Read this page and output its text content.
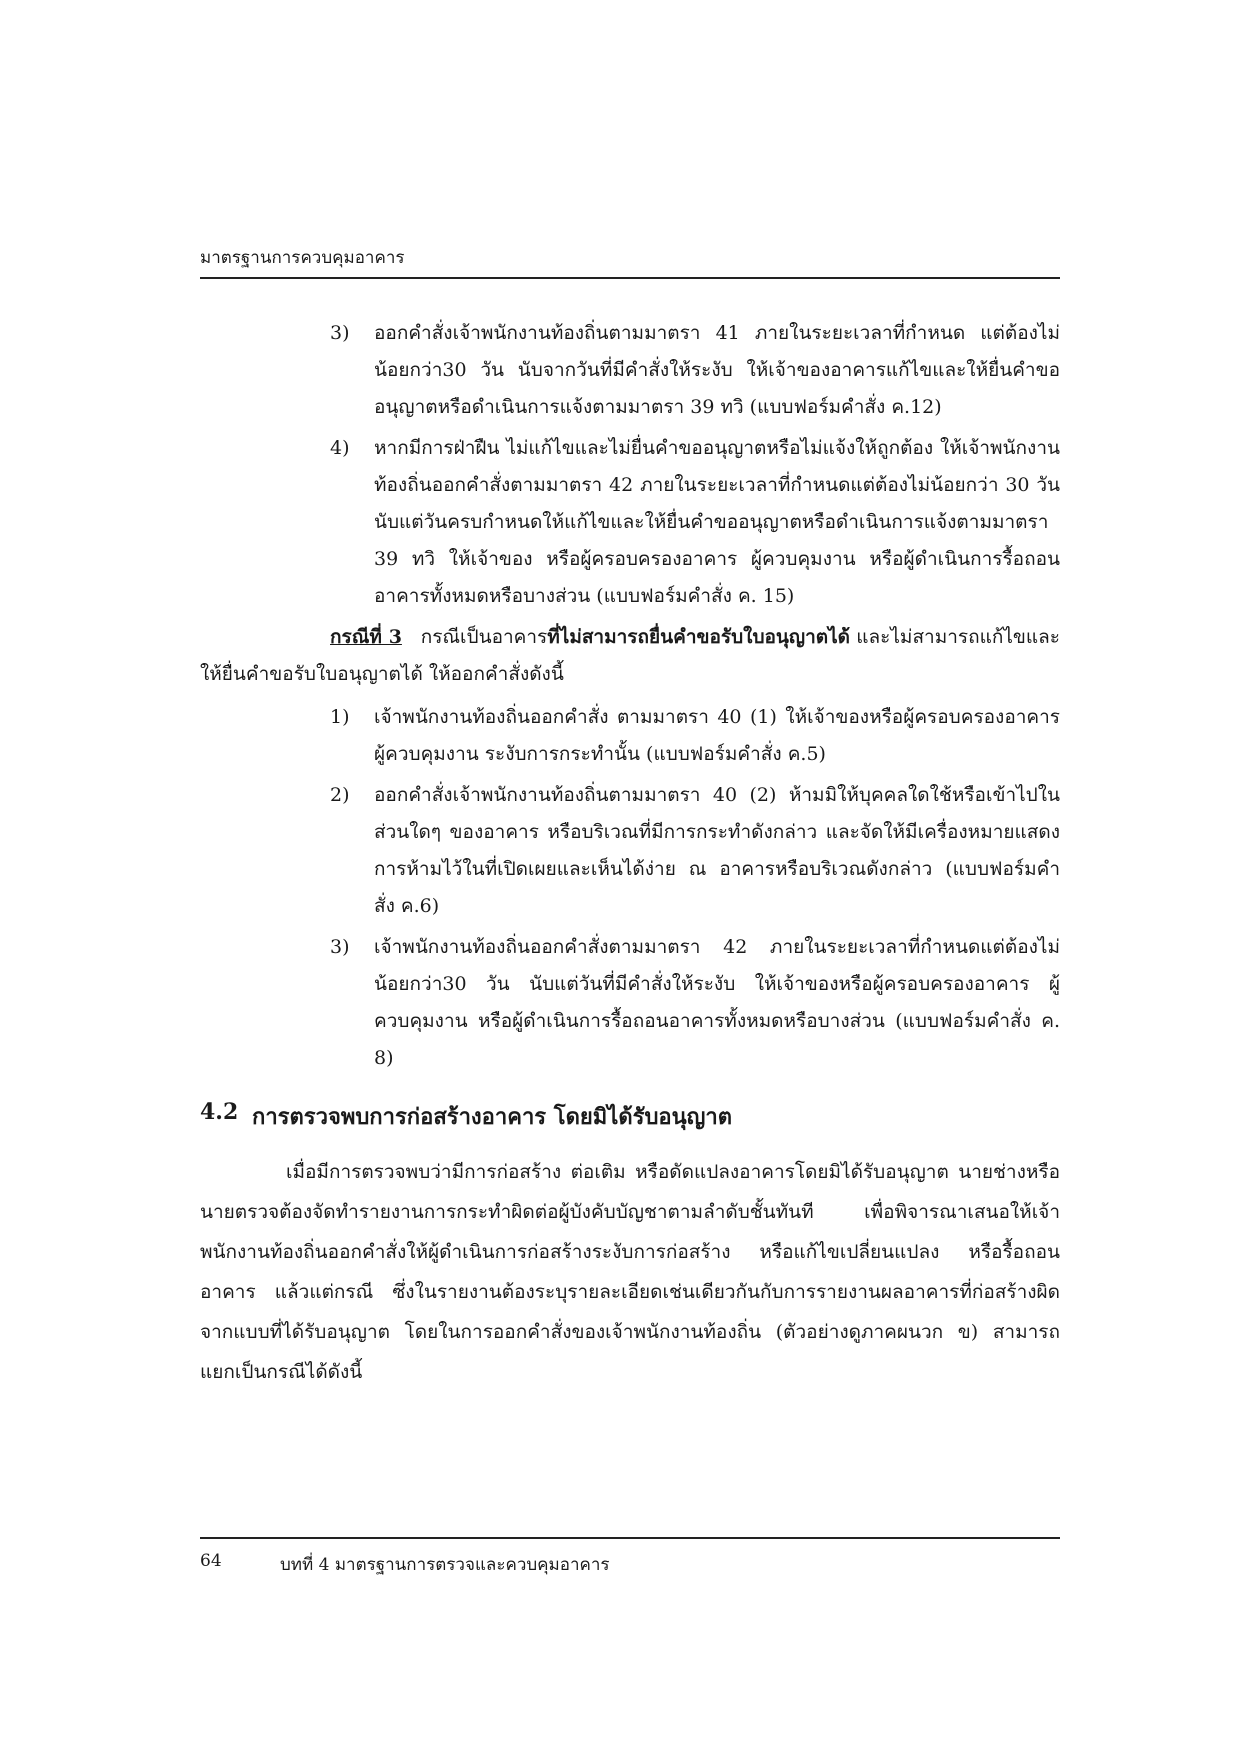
มาตรฐานการควบคุมอาคาร
3)	ออกคำสั่งเจ้าพนักงานท้องถิ่นตามมาตรา 41 ภายในระยะเวลาที่กำหนด แต่ต้องไม่น้อยกว่า30 วัน นับจากวันที่มีคำสั่งให้ระงับ ให้เจ้าของอาคารแก้ไขและให้ยื่นคำขออนุญาตหรือดำเนินการแจ้งตามมาตรา 39 ทวิ (แบบฟอร์มคำสั่ง ค.12)
4)	หากมีการฝ่าฝืน ไม่แก้ไขและไม่ยื่นคำขออนุญาตหรือไม่แจ้งให้ถูกต้อง ให้เจ้าพนักงานท้องถิ่นออกคำสั่งตามมาตรา 42 ภายในระยะเวลาที่กำหนดแต่ต้องไม่น้อยกว่า 30 วัน นับแต่วันครบกำหนดให้แก้ไขและให้ยื่นคำขออนุญาตหรือดำเนินการแจ้งตามมาตรา 39 ทวิ ให้เจ้าของ หรือผู้ครอบครองอาคาร ผู้ควบคุมงาน หรือผู้ดำเนินการรื้อถอนอาคารทั้งหมดหรือบางส่วน (แบบฟอร์มคำสั่ง ค. 15)

กรณีที่ 3 กรณีเป็นอาคารที่ไม่สามารถยื่นคำขอรับใบอนุญาตได้ และไม่สามารถแก้ไขและให้ยื่นคำขอรับใบอนุญาตได้ ให้ออกคำสั่งดังนี้

1)	เจ้าพนักงานท้องถิ่นออกคำสั่ง ตามมาตรา 40 (1) ให้เจ้าของหรือผู้ครอบครองอาคาร ผู้ควบคุมงาน ระงับการกระทำนั้น (แบบฟอร์มคำสั่ง ค.5)
2)	ออกคำสั่งเจ้าพนักงานท้องถิ่นตามมาตรา 40 (2) ห้ามมิให้บุคคลใดใช้หรือเข้าไปในส่วนใดๆ ของอาคาร หรือบริเวณที่มีการกระทำดังกล่าว และจัดให้มีเครื่องหมายแสดงการห้ามไว้ในที่เปิดเผยและเห็นได้ง่าย ณ อาคารหรือบริเวณดังกล่าว (แบบฟอร์มคำสั่ง ค.6)
3)	เจ้าพนักงานท้องถิ่นออกคำสั่งตามมาตรา 42 ภายในระยะเวลาที่กำหนดแต่ต้องไม่น้อยกว่า30 วัน นับแต่วันที่มีคำสั่งให้ระงับ ให้เจ้าของหรือผู้ครอบครองอาคาร ผู้ควบคุมงาน หรือผู้ดำเนินการรื้อถอนอาคารทั้งหมดหรือบางส่วน (แบบฟอร์มคำสั่ง ค. 8)
4.2 การตรวจพบการก่อสร้างอาคาร โดยมิได้รับอนุญาต

เมื่อมีการตรวจพบว่ามีการก่อสร้าง ต่อเติม หรือดัดแปลงอาคารโดยมิได้รับอนุญาต นายช่างหรือนายตรวจต้องจัดทำรายงานการกระทำผิดต่อผู้บังคับบัญชาตามลำดับชั้นทันที เพื่อพิจารณาเสนอให้เจ้าพนักงานท้องถิ่นออกคำสั่งให้ผู้ดำเนินการก่อสร้างระงับการก่อสร้าง หรือแก้ไขเปลี่ยนแปลง หรือรื้อถอนอาคาร แล้วแต่กรณี ซึ่งในรายงานต้องระบุรายละเอียดเช่นเดียวกันกับการรายงานผลอาคารที่ก่อสร้างผิดจากแบบที่ได้รับอนุญาต โดยในการออกคำสั่งของเจ้าพนักงานท้องถิ่น (ตัวอย่างดูภาคผนวก ข) สามารถแยกเป็นกรณีได้ดังนี้

64	บทที่ 4 มาตรฐานการตรวจและควบคุมอาคาร
